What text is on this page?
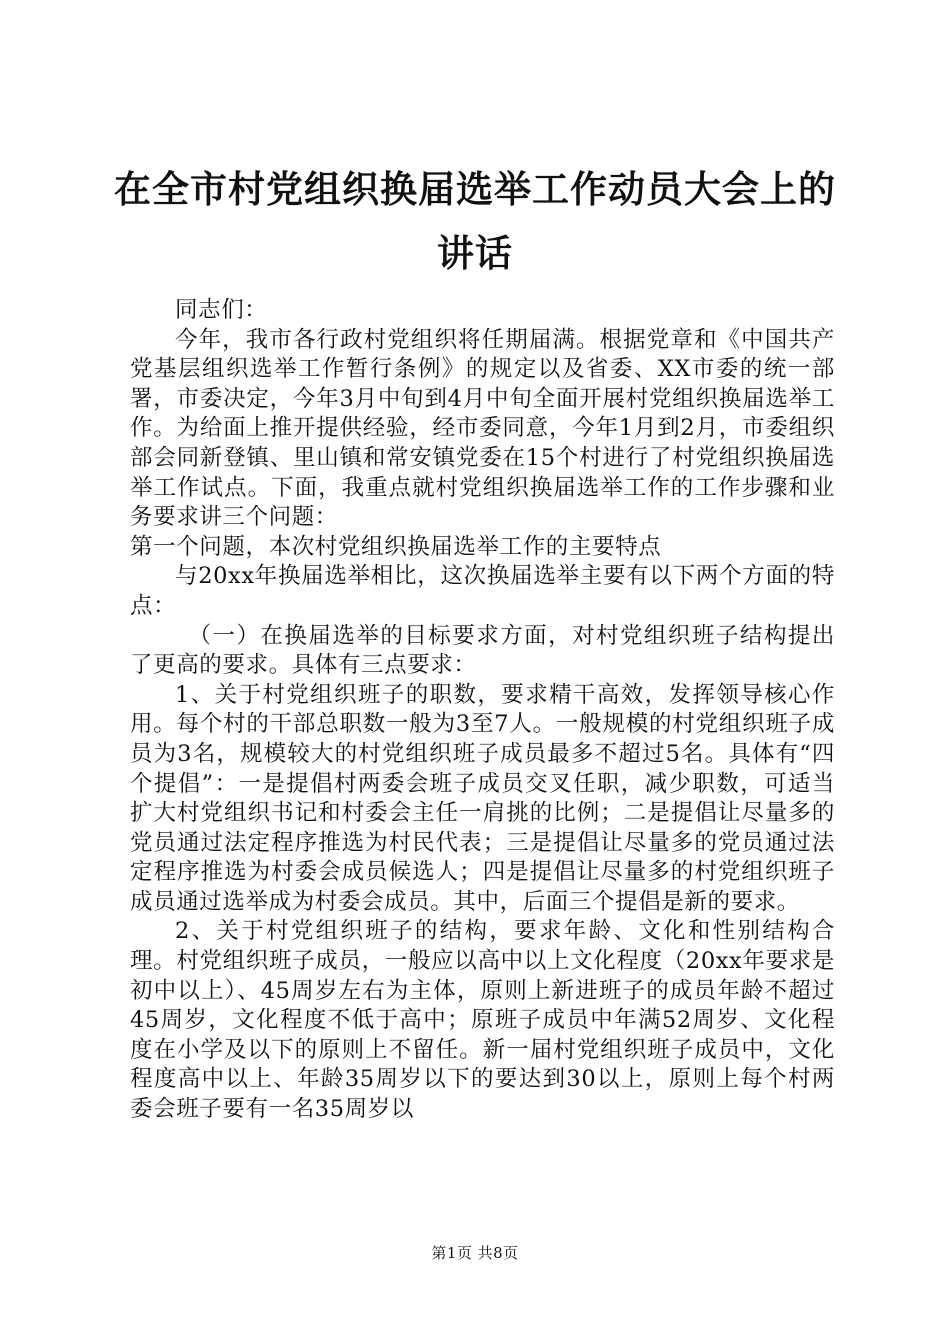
在全市村党组织换届选举工作动员大会上的讲话

同志们：

今年，我市各行政村党组织将任期届满。根据党章和《中国共产党基层组织选举工作暂行条例》的规定以及省委、XX市委的统一部署，市委决定，今年3月中旬到4月中旬全面开展村党组织换届选举工作。为给面上推开提供经验，经市委同意，今年1月到2月，市委组织部会同新登镇、里山镇和常安镇党委在15个村进行了村党组织换届选举工作试点。下面，我重点就村党组织换届选举工作的工作步骤和业务要求讲三个问题：

第一个问题，本次村党组织换届选举工作的主要特点

与20xx年换届选举相比，这次换届选举主要有以下两个方面的特点：

（一）在换届选举的目标要求方面，对村党组织班子结构提出了更高的要求。具体有三点要求：

1、关于村党组织班子的职数，要求精干高效，发挥领导核心作用。每个村的干部总职数一般为3至7人。一般规模的村党组织班子成员为3名，规模较大的村党组织班子成员最多不超过5名。具体有“四个提倡”：一是提倡村两委会班子成员交叉任职，减少职数，可适当扩大村党组织书记和村委会主任一肩挑的比例；二是提倡让尽量多的党员通过法定程序推选为村民代表；三是提倡让尽量多的党员通过法定程序推选为村委会成员候选人；四是提倡让尽量多的村党组织班子成员通过选举成为村委会成员。其中，后面三个提倡是新的要求。

2、关于村党组织班子的结构，要求年龄、文化和性别结构合理。村党组织班子成员，一般应以高中以上文化程度（20xx年要求是初中以上）、45周岁左右为主体，原则上新进班子的成员年龄不超过45周岁，文化程度不低于高中；原班子成员中年满52周岁、文化程度在小学及以下的原则上不留任。新一届村党组织班子成员中，文化程度高中以上、年龄35周岁以下的要达到30以上，原则上每个村两委会班子要有一名35周岁以

第1页 共8页
